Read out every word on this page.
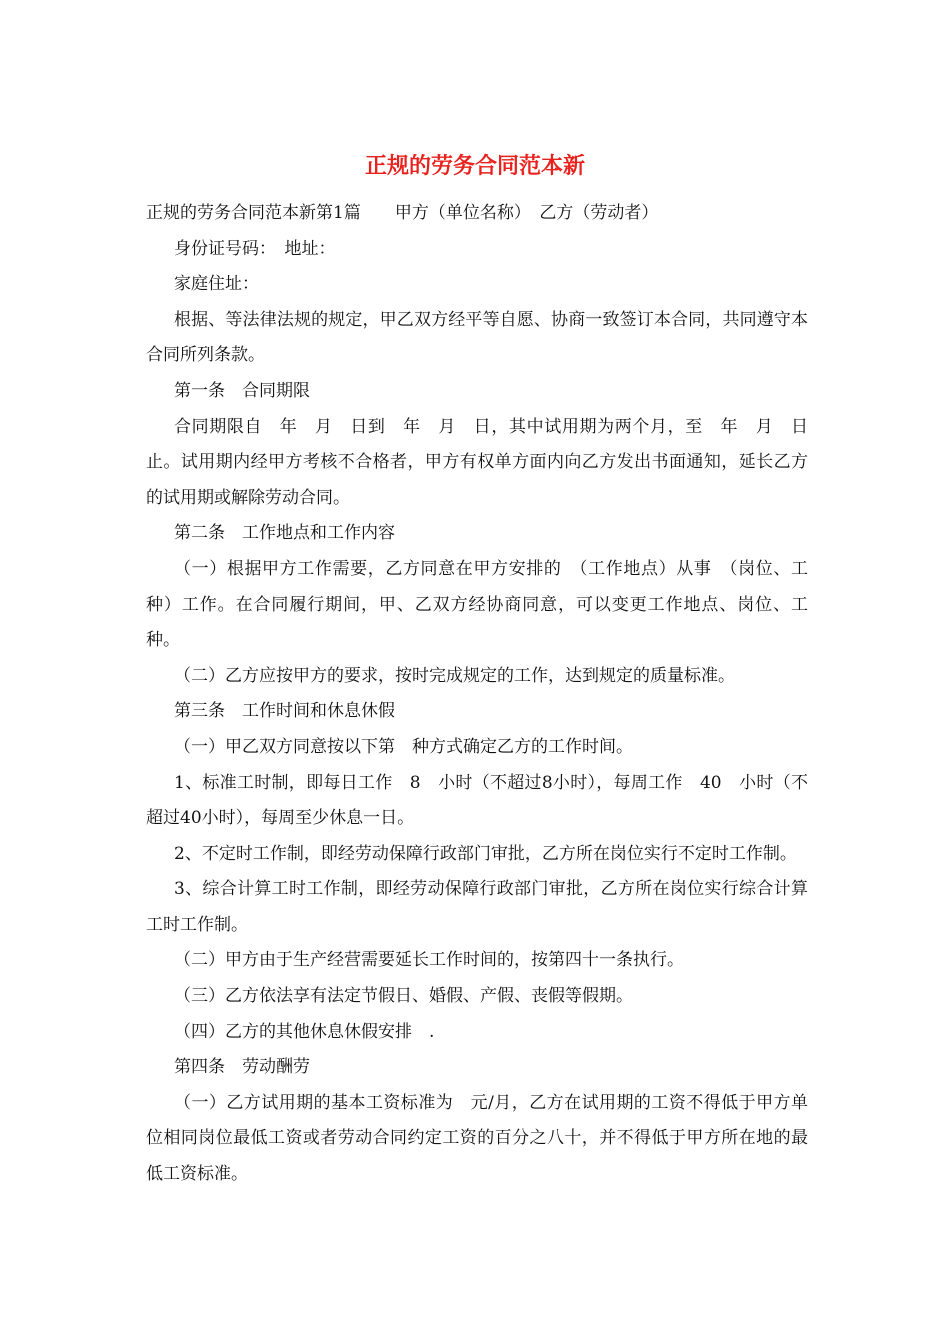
正规的劳务合同范本新

正规的劳务合同范本新第1篇　　甲方（单位名称）　乙方（劳动者）

身份证号码：　地址：

家庭住址：

根据、等法律法规的规定，甲乙双方经平等自愿、协商一致签订本合同，共同遵守本合同所列条款。

第一条　合同期限

合同期限自　年　月　日到　年　月　日，其中试用期为两个月，至　年　月　日止。试用期内经甲方考核不合格者，甲方有权单方面内向乙方发出书面通知，延长乙方的试用期或解除劳动合同。

第二条　工作地点和工作内容

（一）根据甲方工作需要，乙方同意在甲方安排的　（工作地点）从事　（岗位、工种）工作。在合同履行期间，甲、乙双方经协商同意，可以变更工作地点、岗位、工种。

（二）乙方应按甲方的要求，按时完成规定的工作，达到规定的质量标准。

第三条　工作时间和休息休假

（一）甲乙双方同意按以下第　种方式确定乙方的工作时间。

1、标准工时制，即每日工作　8　小时（不超过8小时），每周工作　40　小时（不超过40小时），每周至少休息一日。

2、不定时工作制，即经劳动保障行政部门审批，乙方所在岗位实行不定时工作制。

3、综合计算工时工作制，即经劳动保障行政部门审批，乙方所在岗位实行综合计算工时工作制。

（二）甲方由于生产经营需要延长工作时间的，按第四十一条执行。

（三）乙方依法享有法定节假日、婚假、产假、丧假等假期。

（四）乙方的其他休息休假安排　.

第四条　劳动酬劳

（一）乙方试用期的基本工资标准为　元/月，乙方在试用期的工资不得低于甲方单位相同岗位最低工资或者劳动合同约定工资的百分之八十，并不得低于甲方所在地的最低工资标准。
